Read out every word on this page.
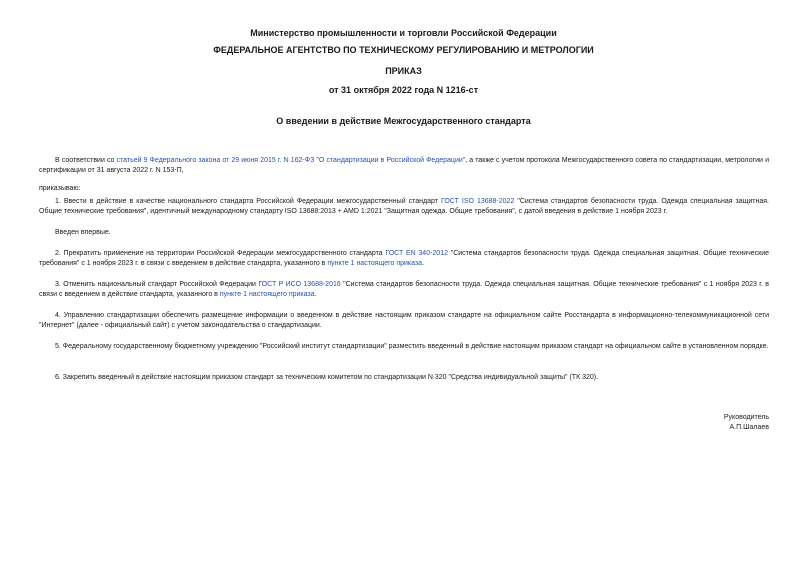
Министерство промышленности и торговли Российской Федерации
ФЕДЕРАЛЬНОЕ АГЕНТСТВО ПО ТЕХНИЧЕСКОМУ РЕГУЛИРОВАНИЮ И МЕТРОЛОГИИ
ПРИКАЗ
от 31 октября 2022 года N 1216-ст
О введении в действие Межгосударственного стандарта
В соответствии со статьей 9 Федерального закона от 29 июня 2015 г. N 162-ФЗ "О стандартизации в Российской Федерации", а также с учетом протокола Межгосударственного совета по стандартизации, метрологии и сертификации от 31 августа 2022 г. N 153-П,
приказываю:
1. Ввести в действие в качестве национального стандарта Российской Федерации межгосударственный стандарт ГОСТ ISO 13688-2022 "Система стандартов безопасности труда. Одежда специальная защитная. Общие технические требования", идентичный международному стандарту ISO 13688:2013 + AMD 1:2021 "Защитная одежда. Общие требования", с датой введения в действие 1 ноября 2023 г.
Введен впервые.
2. Прекратить применение на территории Российской Федерации межгосударственного стандарта ГОСТ EN 340-2012 "Система стандартов безопасности труда. Одежда специальная защитная. Общие технические требования" с 1 ноября 2023 г. в связи с введением в действие стандарта, указанного в пункте 1 настоящего приказа.
3. Отменить национальный стандарт Российской Федерации ГОСТ Р ИСО 13688-2016 "Система стандартов безопасности труда. Одежда специальная защитная. Общие технические требования" с 1 ноября 2023 г. в связи с введением в действие стандарта, указанного в пункте 1 настоящего приказа.
4. Управлению стандартизации обеспечить размещение информации о введенном в действие настоящим приказом стандарте на официальном сайте Росстандарта в информационно-телекоммуникационной сети "Интернет" (далее - официальный сайт) с учетом законодательства о стандартизации.
5. Федеральному государственному бюджетному учреждению "Российский институт стандартизации" разместить введенный в действие настоящим приказом стандарт на официальном сайте в установленном порядке.
6. Закрепить введенный в действие настоящим приказом стандарт за техническим комитетом по стандартизации N 320 "Средства индивидуальной защиты" (ТК 320).
Руководитель
А.П.Шалаев
